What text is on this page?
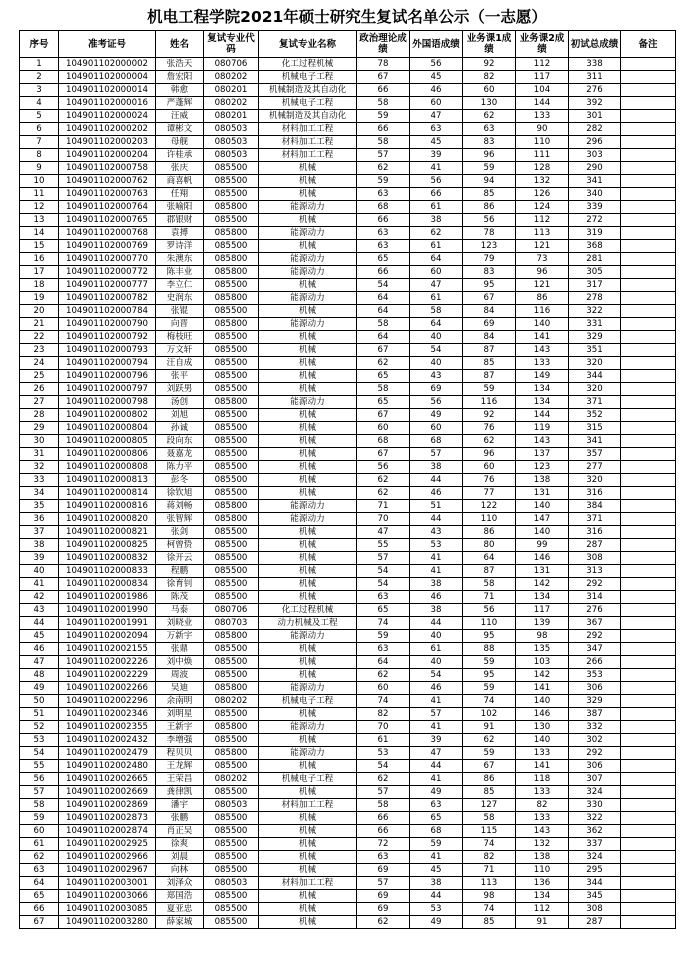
机电工程学院2021年硕士研究生复试名单公示（一志愿）
序号	准考证号	姓名	复试专业代码	复试专业名称	政治理论成绩	外国语成绩	业务课1成绩	业务课2成绩	初试总成绩	备注
1	104901102000002	张浩天	080706	化工过程机械	78	56	92	112	338	
2	104901102000004	詹宏阳	080202	机械电子工程	67	45	82	117	311	
3	104901102000014	韩愈	080201	机械制造及其自动化	66	46	60	104	276	
4	104901102000016	严蓬辉	080202	机械电子工程	58	60	130	144	392	
5	104901102000024	汪威	080201	机械制造及其自动化	59	47	62	133	301	
6	104901102000202	谭彬文	080503	材料加工工程	66	63	63	90	282	
7	104901102000203	母舰	080503	材料加工工程	58	45	83	110	296	
8	104901102000204	许桂承	080503	材料加工工程	57	39	96	111	303	
9	104901102000758	张庆	085500	机械	62	41	59	128	290	
10	104901102000762	商喜帆	085500	机械	59	56	94	132	341	
11	104901102000763	任翔	085500	机械	63	66	85	126	340	
12	104901102000764	张喻阳	085800	能源动力	68	61	86	124	339	
13	104901102000765	郡银财	085500	机械	66	38	56	112	272	
14	104901102000768	袁搏	085800	能源动力	63	62	78	113	319	
15	104901102000769	罗诗洋	085500	机械	63	61	123	121	368	
16	104901102000770	朱澳东	085800	能源动力	65	64	79	73	281	
17	104901102000772	陈丰业	085800	能源动力	66	60	83	96	305	
18	104901102000777	李立仁	085500	机械	54	47	95	121	317	
19	104901102000782	史润东	085800	能源动力	64	61	67	86	278	
20	104901102000784	张锟	085500	机械	64	58	84	116	322	
21	104901102000790	向晋	085800	能源动力	58	64	69	140	331	
22	104901102000792	梅枝旺	085500	机械	64	40	84	141	329	
23	104901102000793	万文轩	085500	机械	67	54	87	143	351	
24	104901102000794	汪自成	085500	机械	62	40	85	133	320	
25	104901102000796	张平	085500	机械	65	43	87	149	344	
26	104901102000797	刘跃男	085500	机械	58	69	59	134	320	
27	104901102000798	汤创	085800	能源动力	65	56	116	134	371	
28	104901102000802	刘旭	085500	机械	67	49	92	144	352	
29	104901102000804	孙诚	085500	机械	60	60	76	119	315	
30	104901102000805	段向东	085500	机械	68	68	62	143	341	
31	104901102000806	聂嘉龙	085500	机械	67	57	96	137	357	
32	104901102000808	陈力平	085500	机械	56	38	60	123	277	
33	104901102000813	彭冬	085500	机械	62	44	76	138	320	
34	104901102000814	徐钦旭	085500	机械	62	46	77	131	316	
35	104901102000816	蒋刘畅	085800	能源动力	71	51	122	140	384	
36	104901102000820	张智辉	085800	能源动力	70	44	110	147	371	
37	104901102000821	张剑	085500	机械	47	43	86	140	316	
38	104901102000825	柯曾贽	085500	机械	55	53	80	99	287	
39	104901102000832	徐开云	085500	机械	57	41	64	146	308	
40	104901102000833	程鹏	085500	机械	54	41	87	131	313	
41	104901102000834	徐育钊	085500	机械	54	38	58	142	292	
42	104901102001986	陈茂	085500	机械	63	46	71	134	314	
43	104901102001990	马泰	080706	化工过程机械	65	38	56	117	276	
44	104901102001991	刘晓业	080703	动力机械及工程	74	44	110	139	367	
45	104901102002094	万新宇	085800	能源动力	59	40	95	98	292	
46	104901102002155	张鼎	085500	机械	63	61	88	135	347	
47	104901102002226	刘中焕	085500	机械	64	40	59	103	266	
48	104901102002229	周波	085500	机械	62	54	95	142	353	
49	104901102002266	吴迪	085800	能源动力	60	46	59	141	306	
50	104901102002296	余南明	080202	机械电子工程	74	41	74	140	329	
51	104901102002346	刘明星	085500	机械	82	57	102	146	387	
52	104901102002355	王新宇	085800	能源动力	70	41	91	130	332	
53	104901102002432	李增强	085500	机械	61	39	62	140	302	
54	104901102002479	程贝贝	085800	能源动力	53	47	59	133	292	
55	104901102002480	王龙辉	085500	机械	54	44	67	141	306	
56	104901102002665	王荣昌	080202	机械电子工程	62	41	86	118	307	
57	104901102002669	龚律凯	085500	机械	57	49	85	133	324	
58	104901102002869	潘宇	080503	材料加工工程	58	63	127	82	330	
59	104901102002873	张鹏	085500	机械	66	65	58	133	322	
60	104901102002874	肖正吴	085500	机械	66	68	115	143	362	
61	104901102002925	徐爽	085500	机械	72	59	74	132	337	
62	104901102002966	刘晨	085500	机械	63	41	82	138	324	
63	104901102002967	向林	085500	机械	69	45	71	110	295	
64	104901102003001	刘泽众	080503	材料加工工程	57	38	113	136	344	
65	104901102003066	郑国浩	085500	机械	69	44	98	134	345	
66	104901102003085	夏亚忠	085500	机械	69	53	74	112	308	
67	104901102003280	薛家城	085500	机械	62	49	85	91	287	
